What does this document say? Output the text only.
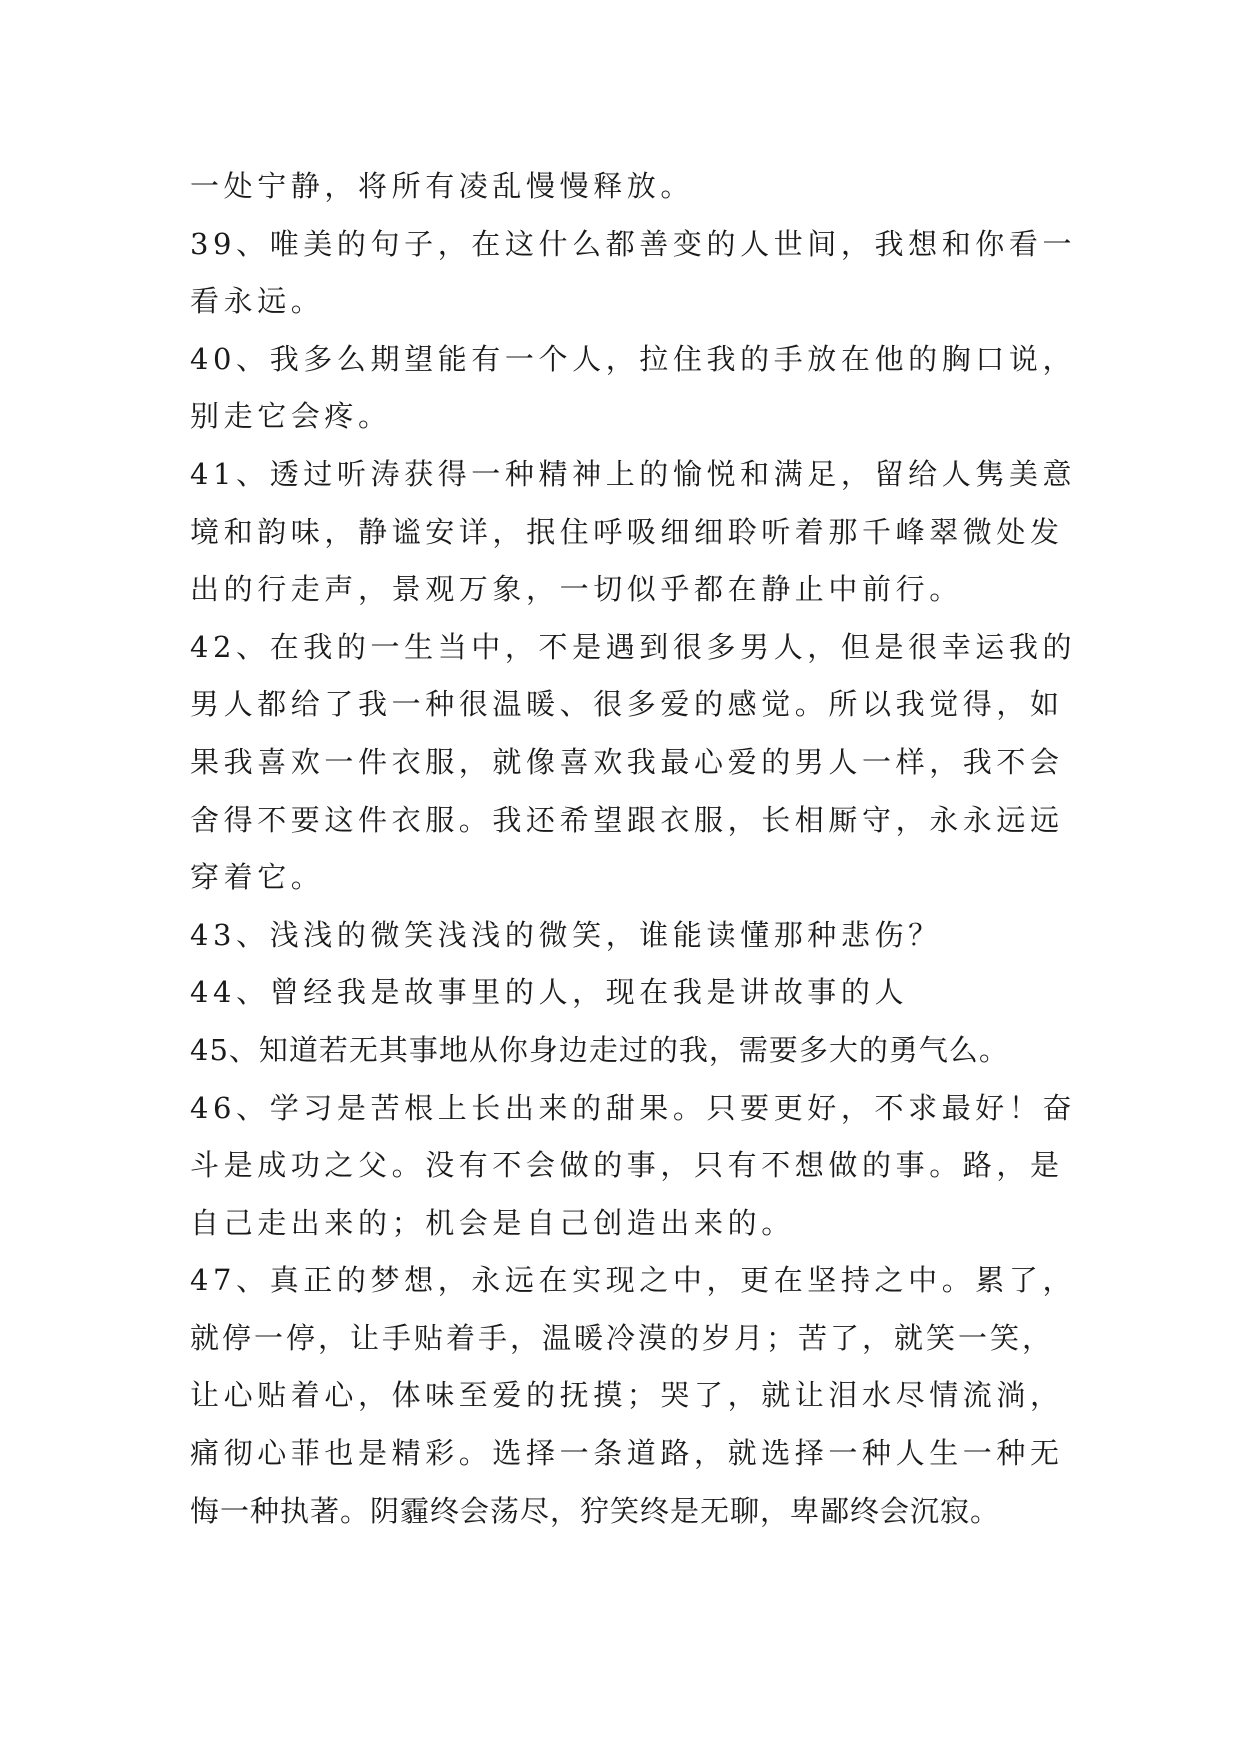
一处宁静，将所有凌乱慢慢释放。
39、唯美的句子，在这什么都善变的人世间，我想和你看一
看永远。
40、我多么期望能有一个人，拉住我的手放在他的胸口说，
别走它会疼。
41、透过听涛获得一种精神上的愉悦和满足，留给人隽美意
境和韵味，静谧安详，抿住呼吸细细聆听着那千峰翠微处发
出的行走声，景观万象，一切似乎都在静止中前行。
42、在我的一生当中，不是遇到很多男人，但是很幸运我的
男人都给了我一种很温暖、很多爱的感觉。所以我觉得，如
果我喜欢一件衣服，就像喜欢我最心爱的男人一样，我不会
舍得不要这件衣服。我还希望跟衣服，长相厮守，永永远远
穿着它。
43、浅浅的微笑浅浅的微笑，谁能读懂那种悲伤？
44、曾经我是故事里的人，现在我是讲故事的人
45、知道若无其事地从你身边走过的我，需要多大的勇气么。
46、学习是苦根上长出来的甜果。只要更好，不求最好！奋
斗是成功之父。没有不会做的事，只有不想做的事。路，是
自己走出来的；机会是自己创造出来的。
47、真正的梦想，永远在实现之中，更在坚持之中。累了，
就停一停，让手贴着手，温暖冷漠的岁月；苦了，就笑一笑，
让心贴着心，体味至爱的抚摸；哭了，就让泪水尽情流淌，
痛彻心菲也是精彩。选择一条道路，就选择一种人生一种无
悔一种执著。阴霾终会荡尽，狞笑终是无聊，卑鄙终会沉寂。
